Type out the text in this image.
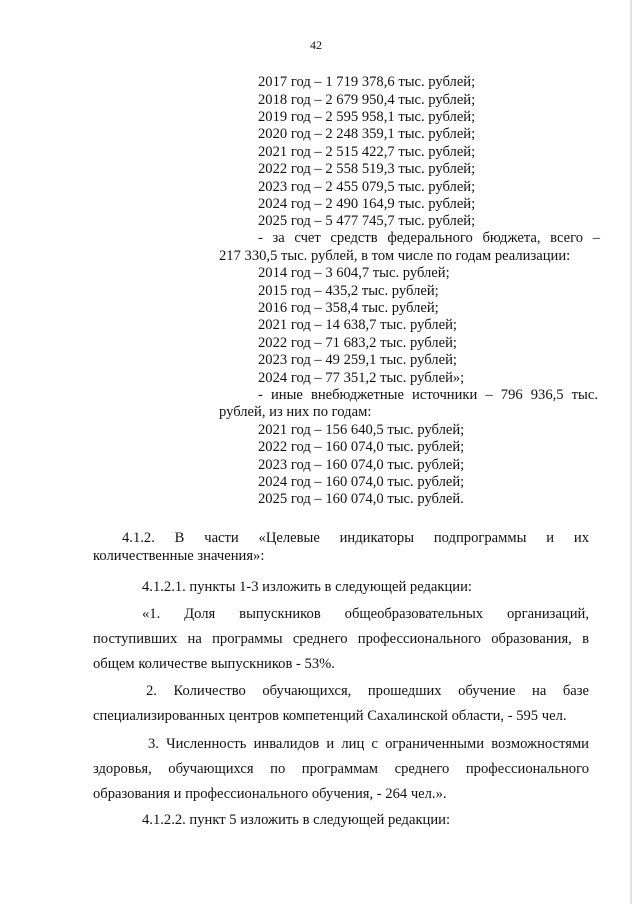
42
2017 год – 1 719 378,6 тыс. рублей;
2018 год – 2 679 950,4 тыс. рублей;
2019 год – 2 595 958,1 тыс. рублей;
2020 год – 2 248 359,1 тыс. рублей;
2021 год – 2 515 422,7 тыс. рублей;
2022 год – 2 558 519,3 тыс. рублей;
2023 год – 2 455 079,5 тыс. рублей;
2024 год – 2 490 164,9 тыс. рублей;
2025 год – 5 477 745,7 тыс. рублей;
- за счет средств федерального бюджета, всего –
217 330,5 тыс. рублей, в том числе по годам реализации:
2014 год – 3 604,7 тыс. рублей;
2015 год – 435,2 тыс. рублей;
2016 год – 358,4 тыс. рублей;
2021 год – 14 638,7 тыс. рублей;
2022 год – 71 683,2 тыс. рублей;
2023 год – 49 259,1 тыс. рублей;
2024 год – 77 351,2 тыс. рублей»;
- иные внебюджетные источники – 796 936,5 тыс.
рублей, из них по годам:
2021 год – 156 640,5 тыс. рублей;
2022 год – 160 074,0 тыс. рублей;
2023 год – 160 074,0 тыс. рублей;
2024 год – 160 074,0 тыс. рублей;
2025 год – 160 074,0 тыс. рублей.
4.1.2. В части «Целевые индикаторы подпрограммы и их
количественные значения»:
4.1.2.1. пункты 1-3 изложить в следующей редакции:
«1. Доля выпускников общеобразовательных организаций,
поступивших на программы среднего профессионального образования, в
общем количестве выпускников - 53%.
2. Количество обучающихся, прошедших обучение на базе
специализированных центров компетенций Сахалинской области, - 595 чел.
3. Численность инвалидов и лиц с ограниченными возможностями
здоровья, обучающихся по программам среднего профессионального
образования и профессионального обучения, - 264 чел.».
4.1.2.2. пункт 5 изложить в следующей редакции:
